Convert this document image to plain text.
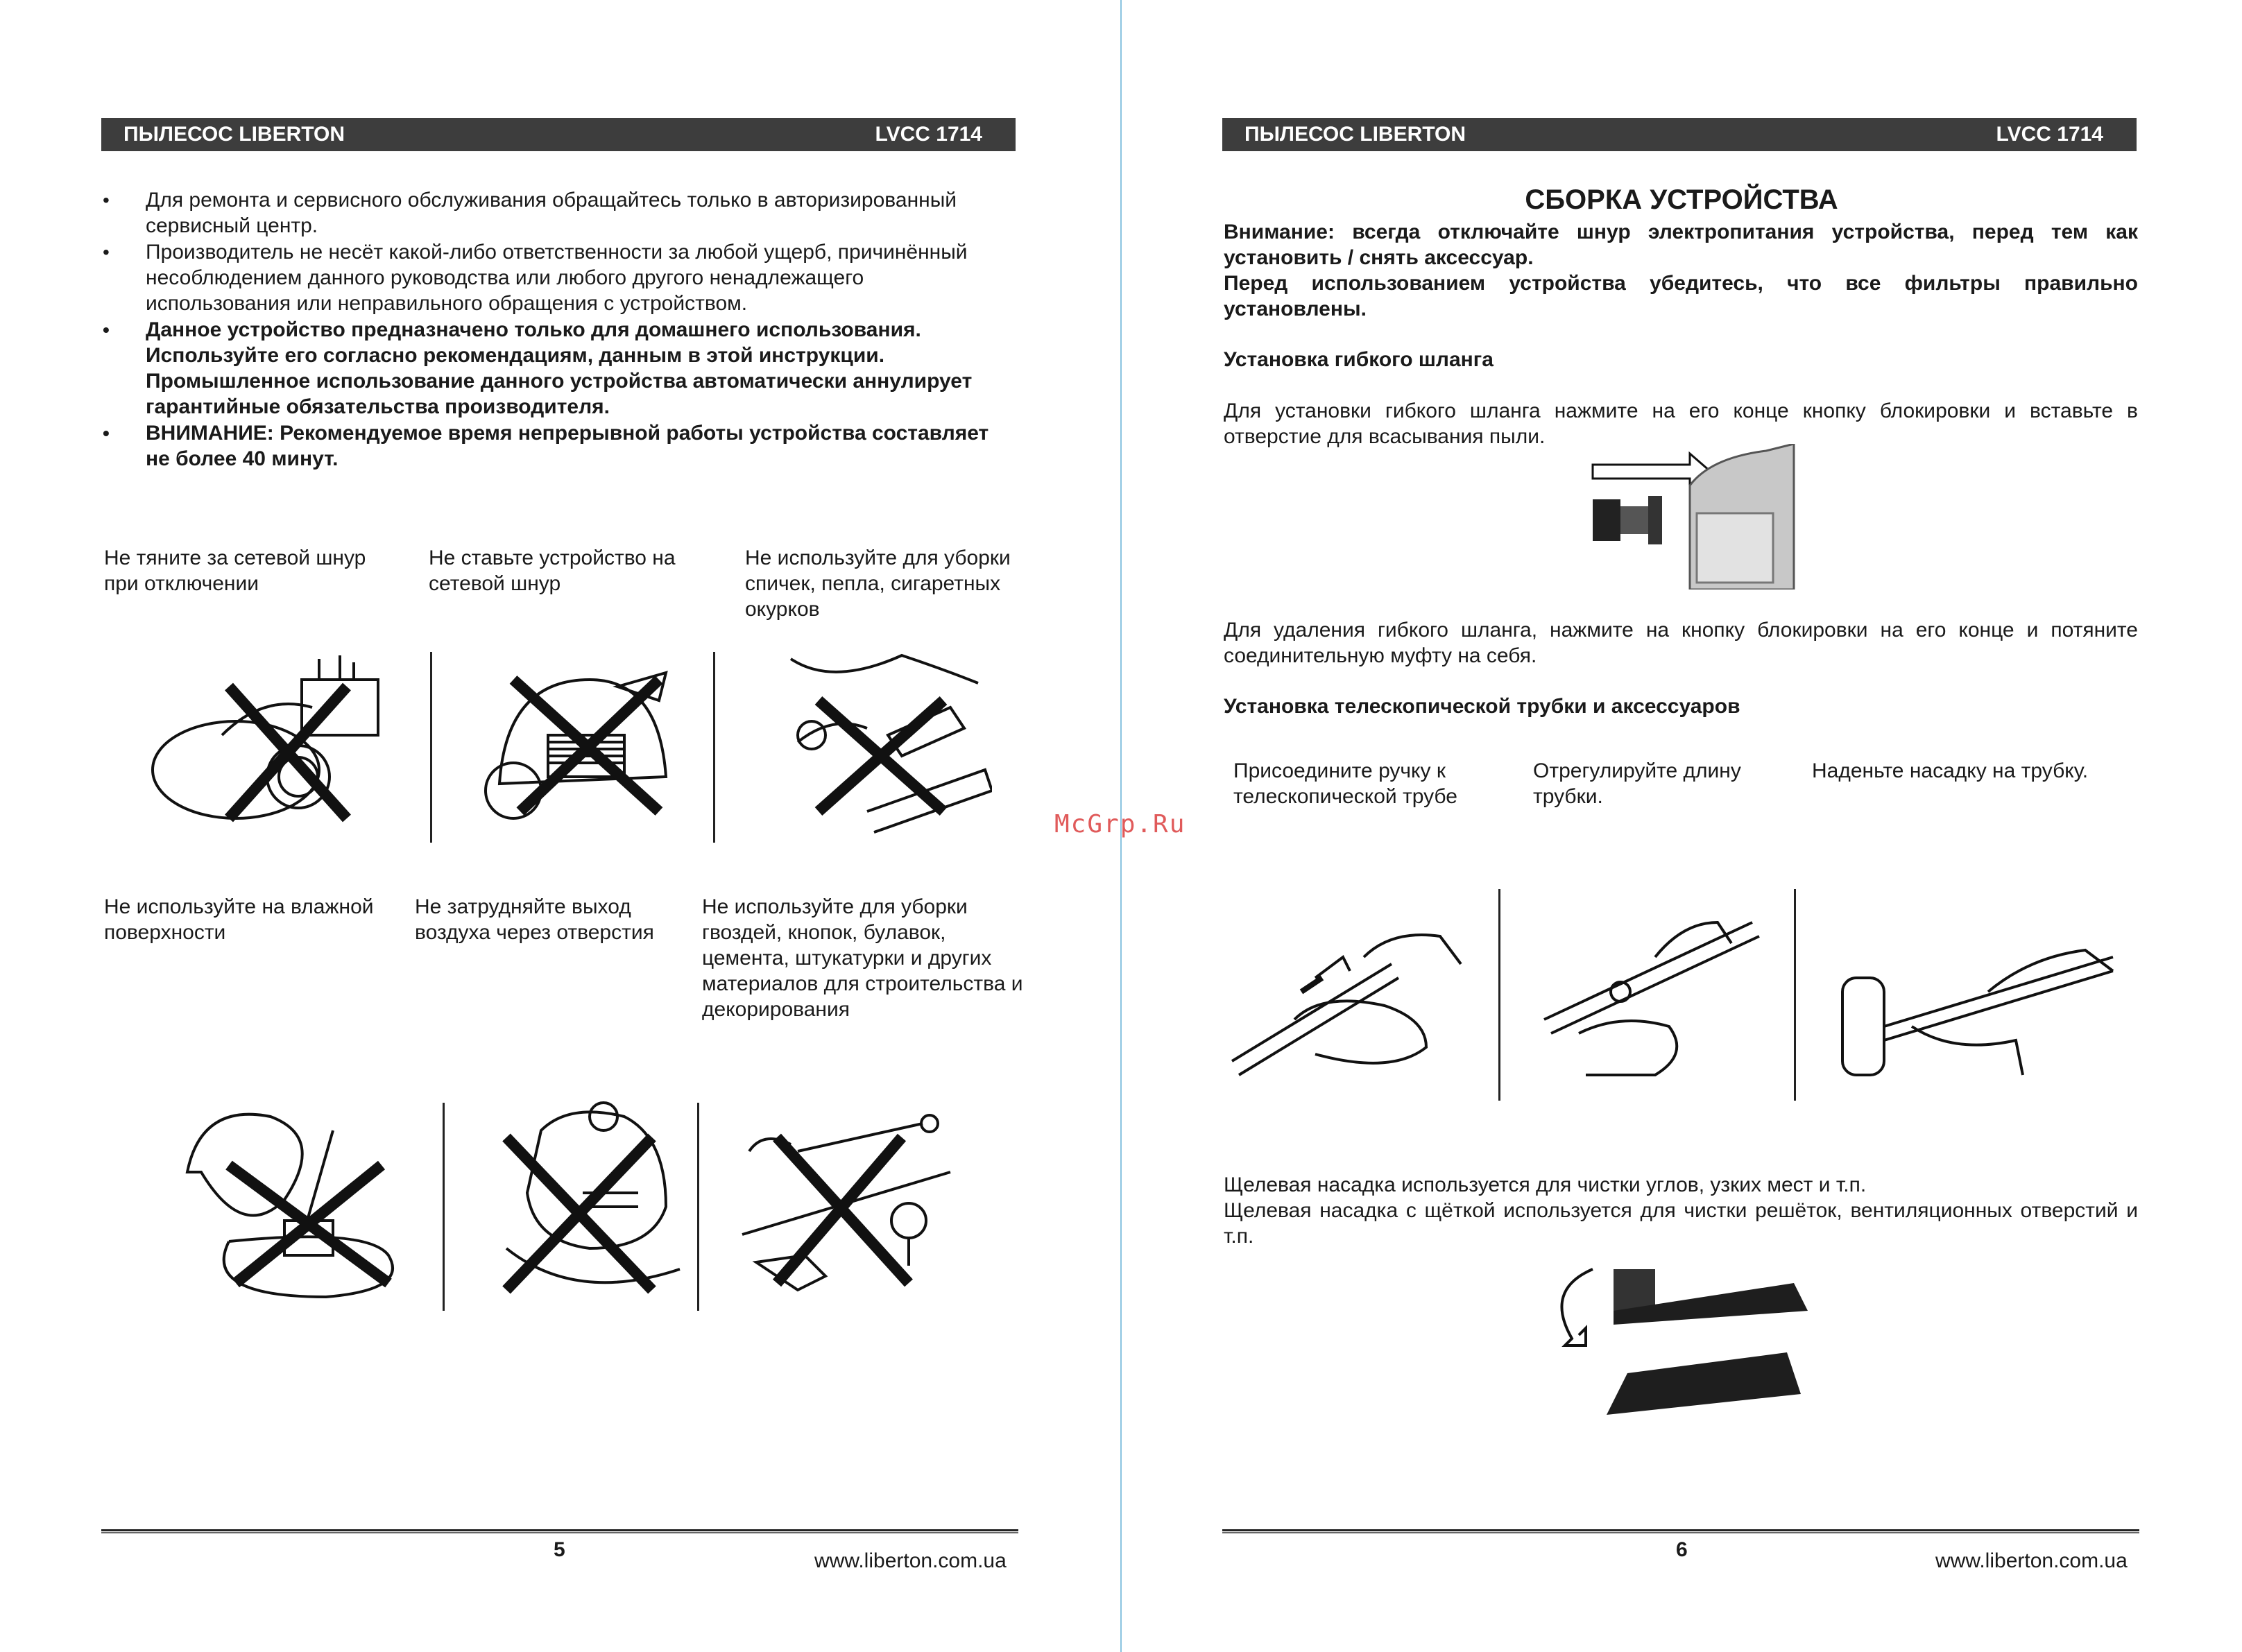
ПЫЛЕСОС LIBERTON	LVCC 1714
• Для ремонта и сервисного обслуживания обращайтесь только в авторизированный сервисный центр.
• Производитель не несёт какой-либо ответственности за любой ущерб, причинённый несоблюдением данного руководства или любого другого ненадлежащего использования или неправильного обращения с устройством.
• Данное устройство предназначено только для домашнего использования. Используйте его согласно рекомендациям, данным в этой инструкции. Промышленное использование данного устройства автоматически аннулирует гарантийные обязательства производителя.
• ВНИМАНИЕ: Рекомендуемое время непрерывной работы устройства составляет не более 40 минут.
Не тяните за сетевой шнур при отключении
Не ставьте устройство на сетевой шнур
Не используйте для уборки спичек, пепла, сигаретных окурков
Не используйте на влажной поверхности
Не затрудняйте выход воздуха через отверстия
Не используйте для уборки гвоздей, кнопок, булавок, цемента, штукатурки и других материалов для строительства и декорирования
5	www.liberton.com.ua
ПЫЛЕСОС LIBERTON	LVCC 1714
СБОРКА УСТРОЙСТВА
Внимание: всегда отключайте шнур электропитания устройства, перед тем как установить / снять аксессуар.
Перед использованием устройства убедитесь, что все фильтры правильно установлены.
Установка гибкого шланга
Для установки гибкого шланга нажмите на его конце кнопку блокировки и вставьте в отверстие для всасывания пыли.
Для удаления гибкого шланга, нажмите на кнопку блокировки на его конце и потяните соединительную муфту на себя.
Установка телескопической трубки и аксессуаров
Присоедините ручку к телескопической трубе
Отрегулируйте длину трубки.
Наденьте насадку на трубку.
Щелевая насадка используется для чистки углов, узких мест и т.п.
Щелевая насадка с щёткой используется для чистки решёток, вентиляционных отверстий и т.п.
6	www.liberton.com.ua
McGrp.Ru
